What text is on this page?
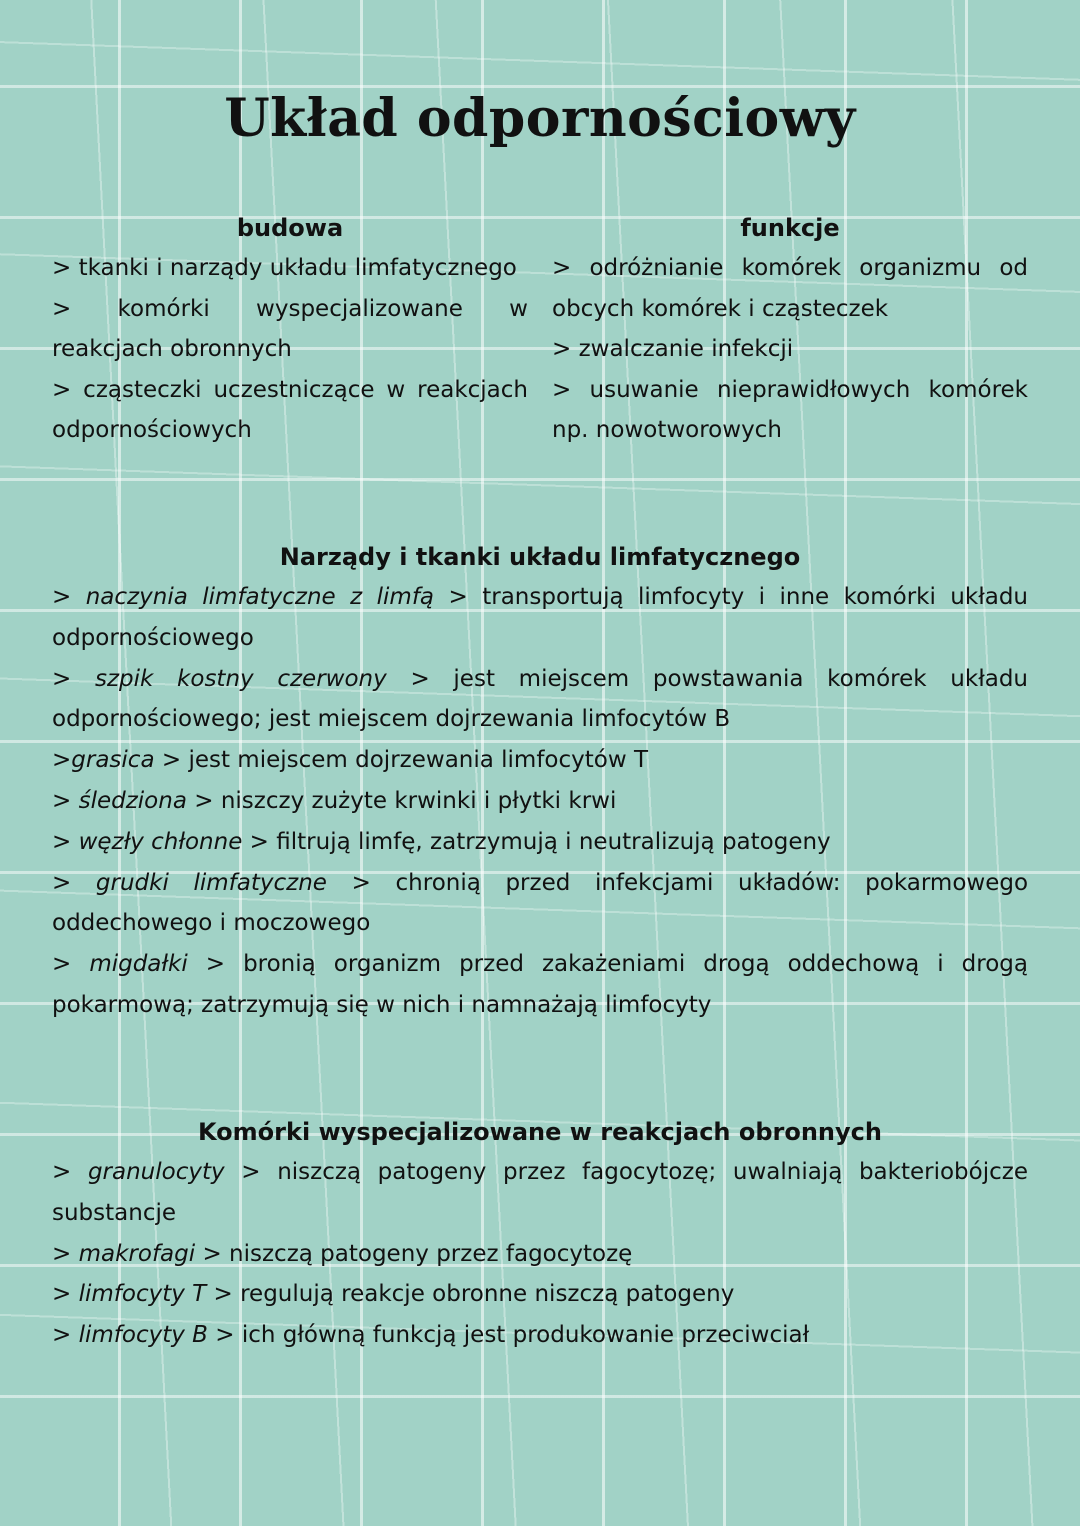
Układ odpornościowy
budowa
> tkanki i narządy układu limfatycznego
> komórki wyspecjalizowane w reakcjach obronnych
> cząsteczki uczestniczące w reakcjach odpornościowych
funkcje
> odróżnianie komórek organizmu od obcych komórek i cząsteczek
> zwalczanie infekcji
> usuwanie nieprawidłowych komórek np. nowotworowych
Narządy i tkanki układu limfatycznego
> naczynia limfatyczne z limfą > transportują limfocyty i inne komórki układu odpornościowego
> szpik kostny czerwony > jest miejscem powstawania komórek układu odpornościowego; jest miejscem dojrzewania limfocytów B
>grasica > jest miejscem dojrzewania limfocytów T
> śledziona > niszczy zużyte krwinki i płytki krwi
> węzły chłonne > filtrują limfę, zatrzymują i neutralizują patogeny
> grudki limfatyczne > chronią przed infekcjami układów: pokarmowego oddechowego i moczowego
> migdałki > bronią organizm przed zakażeniami drogą oddechową i drogą pokarmową; zatrzymują się w nich i namnażają limfocyty
Komórki wyspecjalizowane w reakcjach obronnych
> granulocyty > niszczą patogeny przez fagocytozę; uwalniają bakteriobójcze substancje
> makrofagi > niszczą patogeny przez fagocytozę
> limfocyty T > regulują reakcje obronne niszczą patogeny
> limfocyty B > ich główną funkcją jest produkowanie przeciwciał
